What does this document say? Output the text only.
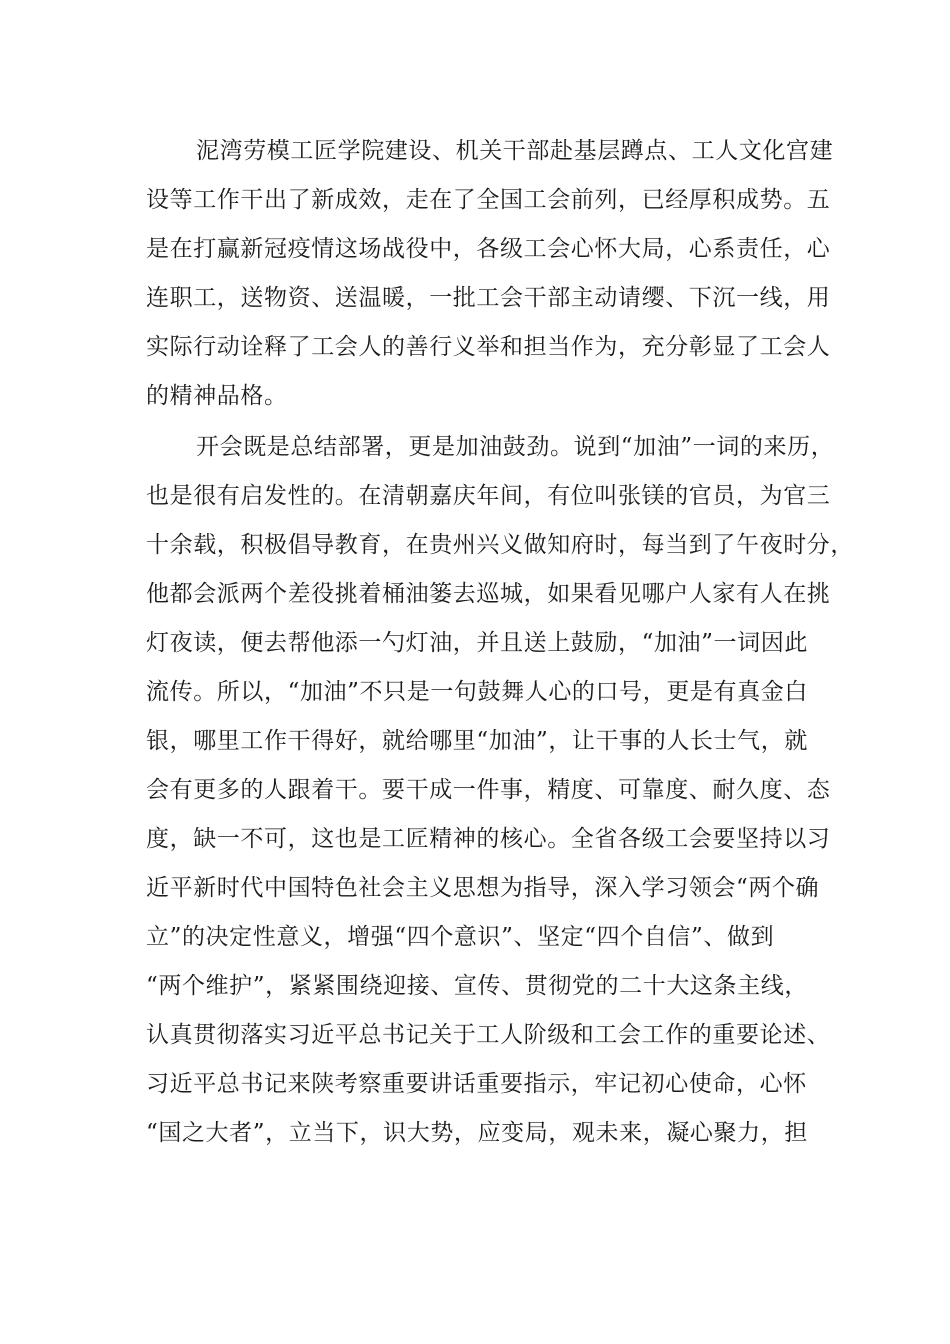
泥湾劳模工匠学院建设、机关干部赴基层蹲点、工人文化宫建
设等工作干出了新成效，走在了全国工会前列，已经厚积成势。五
是在打赢新冠疫情这场战役中，各级工会心怀大局，心系责任，心
连职工，送物资、送温暖，一批工会干部主动请缨、下沉一线，用
实际行动诠释了工会人的善行义举和担当作为，充分彰显了工会人
的精神品格。
开会既是总结部署，更是加油鼓劲。说到“加油”一词的来历，
也是很有启发性的。在清朝嘉庆年间，有位叫张镁的官员，为官三
十余载，积极倡导教育，在贵州兴义做知府时，每当到了午夜时分，
他都会派两个差役挑着桶油篓去巡城，如果看见哪户人家有人在挑
灯夜读，便去帮他添一勺灯油，并且送上鼓励，“加油”一词因此
流传。所以，“加油”不只是一句鼓舞人心的口号，更是有真金白
银，哪里工作干得好，就给哪里“加油”，让干事的人长士气，就
会有更多的人跟着干。要干成一件事，精度、可靠度、耐久度、态
度，缺一不可，这也是工匠精神的核心。全省各级工会要坚持以习
近平新时代中国特色社会主义思想为指导，深入学习领会“两个确
立”的决定性意义，增强“四个意识”、坚定“四个自信”、做到
“两个维护”，紧紧围绕迎接、宣传、贯彻党的二十大这条主线，
认真贯彻落实习近平总书记关于工人阶级和工会工作的重要论述、
习近平总书记来陕考察重要讲话重要指示，牢记初心使命，心怀
“国之大者”，立当下，识大势，应变局，观未来，凝心聚力，担
